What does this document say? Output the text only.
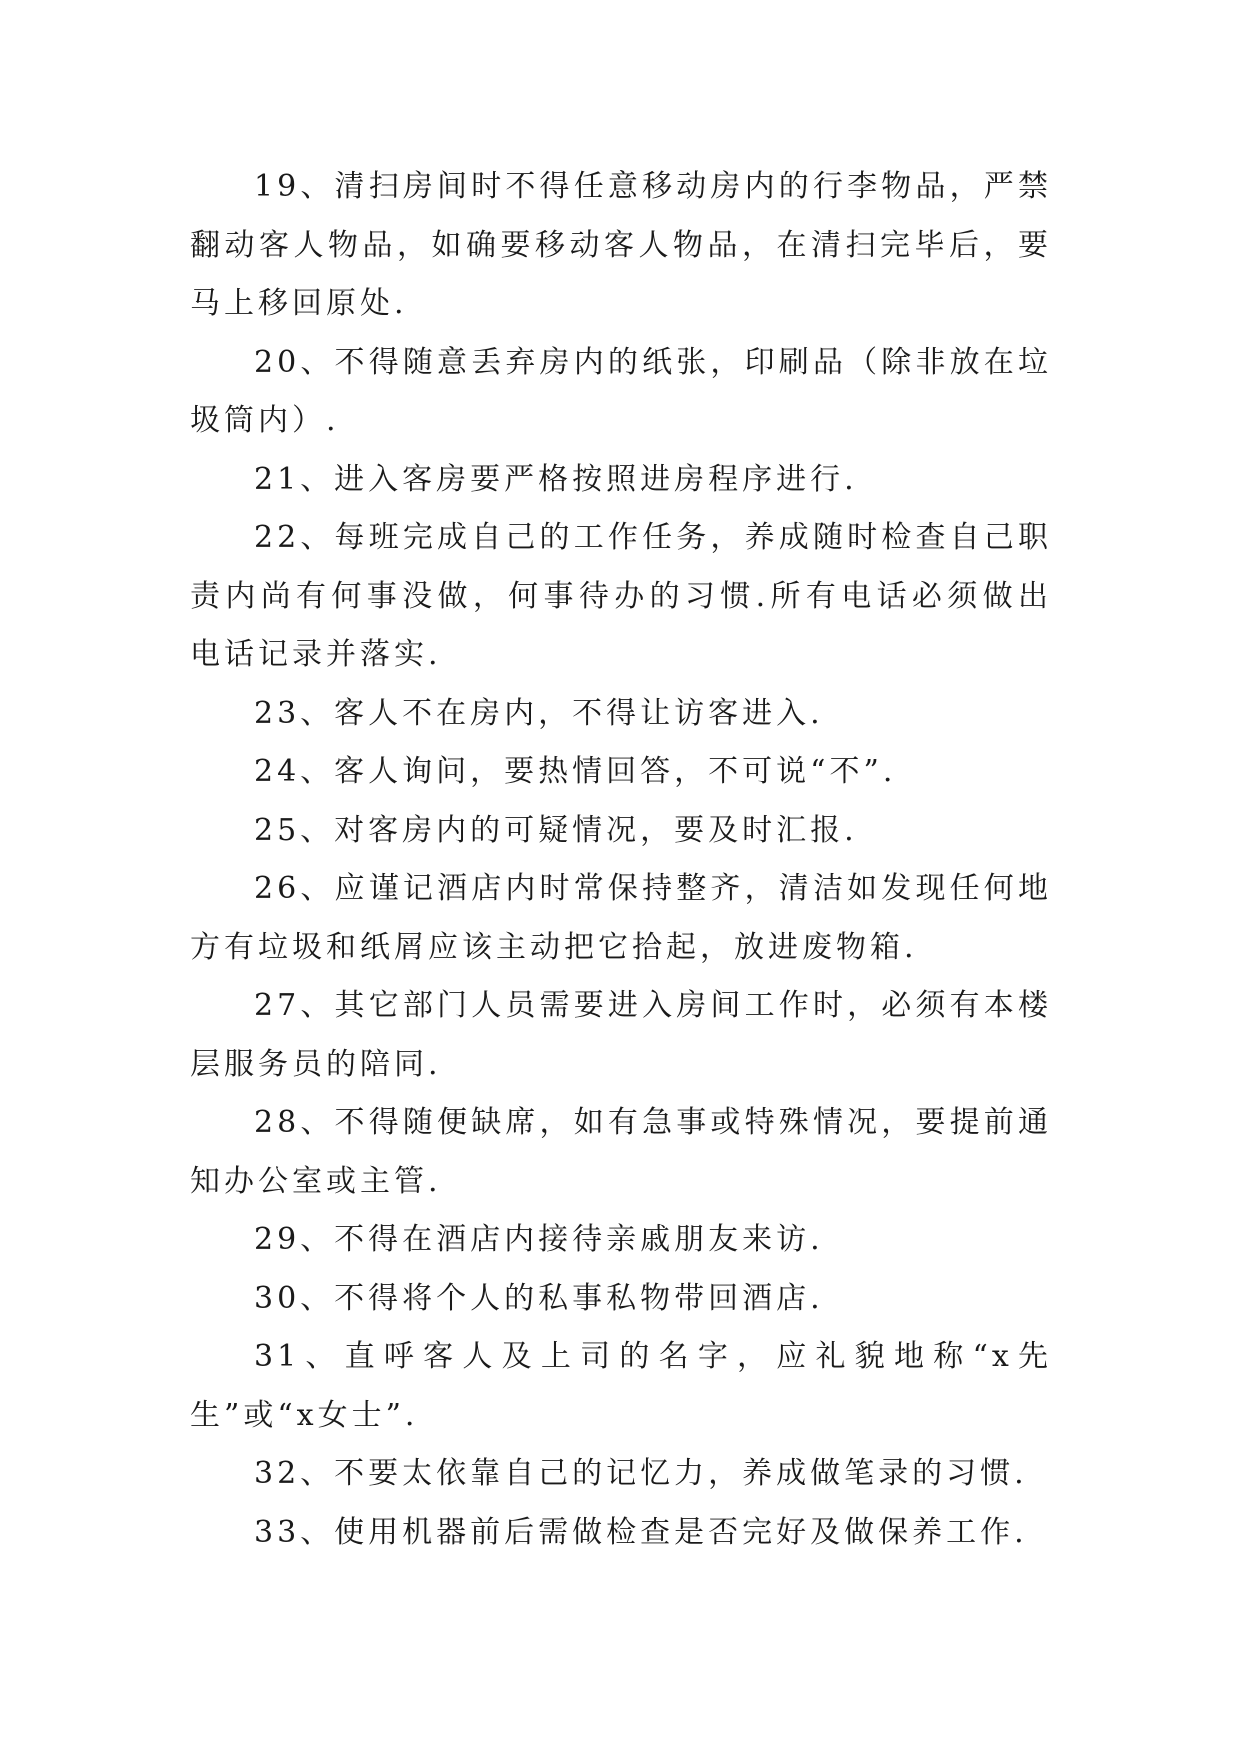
19、清扫房间时不得任意移动房内的行李物品，严禁翻动客人物品，如确要移动客人物品，在清扫完毕后，要马上移回原处.

20、不得随意丢弃房内的纸张，印刷品（除非放在垃圾筒内）.

21、进入客房要严格按照进房程序进行.

22、每班完成自己的工作任务，养成随时检查自己职责内尚有何事没做，何事待办的习惯.所有电话必须做出电话记录并落实.

23、客人不在房内，不得让访客进入.

24、客人询问，要热情回答，不可说“不”.

25、对客房内的可疑情况，要及时汇报.

26、应谨记酒店内时常保持整齐，清洁如发现任何地方有垃圾和纸屑应该主动把它拾起，放进废物箱.

27、其它部门人员需要进入房间工作时，必须有本楼层服务员的陪同.

28、不得随便缺席，如有急事或特殊情况，要提前通知办公室或主管.

29、不得在酒店内接待亲戚朋友来访.

30、不得将个人的私事私物带回酒店.

31、直呼客人及上司的名字，应礼貌地称“x先生”或“x女士”.

32、不要太依靠自己的记忆力，养成做笔录的习惯.

33、使用机器前后需做检查是否完好及做保养工作.
